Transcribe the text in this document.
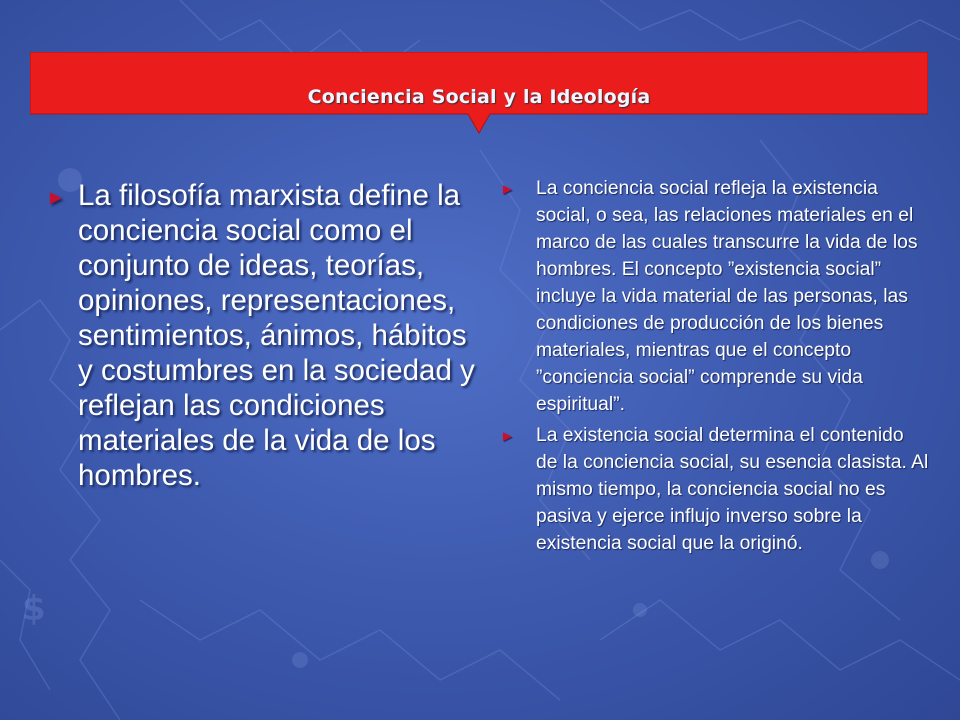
$
Conciencia Social y la Ideología

► La filosofía marxista define la conciencia social como el conjunto de ideas, teorías, opiniones, representaciones, sentimientos, ánimos, hábitos y costumbres en la sociedad y reflejan las condiciones materiales de la vida de los hombres.

► La conciencia social refleja la existencia social, o sea, las relaciones materiales en el marco de las cuales transcurre la vida de los hombres. El concepto ”existencia social” incluye la vida material de las personas, las condiciones de producción de los bienes materiales, mientras que el concepto ”conciencia social” comprende su vida espiritual”.

► La existencia social determina el contenido de la conciencia social, su esencia clasista. Al mismo tiempo, la conciencia social no es pasiva y ejerce influjo inverso sobre la existencia social que la originó.
